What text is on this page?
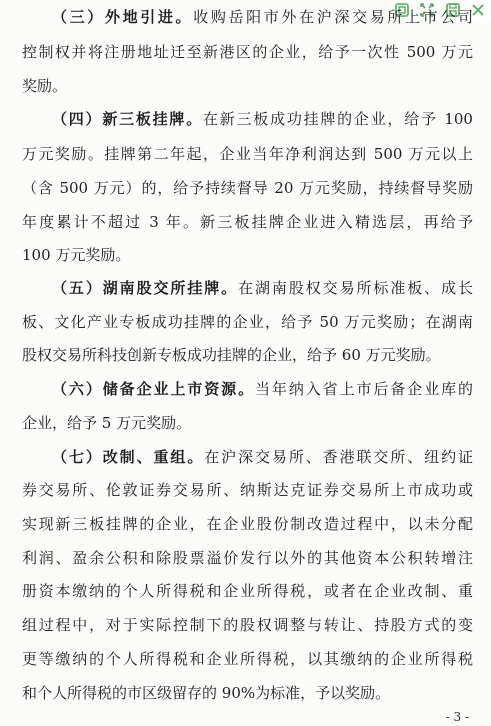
（三）外地引进。收购岳阳市外在沪深交易所上市公司
控制权并将注册地址迁至新港区的企业，给予一次性 500 万元
奖励。
（四）新三板挂牌。在新三板成功挂牌的企业，给予 100
万元奖励。挂牌第二年起，企业当年净利润达到 500 万元以上
（含 500 万元）的，给予持续督导 20 万元奖励，持续督导奖励
年度累计不超过 3 年。新三板挂牌企业进入精选层，再给予
100 万元奖励。
（五）湖南股交所挂牌。在湖南股权交易所标准板、成长
板、文化产业专板成功挂牌的企业，给予 50 万元奖励；在湖南
股权交易所科技创新专板成功挂牌的企业，给予 60 万元奖励。
（六）储备企业上市资源。当年纳入省上市后备企业库的
企业，给予 5 万元奖励。
（七）改制、重组。在沪深交易所、香港联交所、纽约证
券交易所、伦敦证券交易所、纳斯达克证券交易所上市成功或
实现新三板挂牌的企业，在企业股份制改造过程中，以未分配
利润、盈余公积和除股票溢价发行以外的其他资本公积转增注
册资本缴纳的个人所得税和企业所得税，或者在企业改制、重
组过程中，对于实际控制下的股权调整与转让、持股方式的变
更等缴纳的个人所得税和企业所得税，以其缴纳的企业所得税
和个人所得税的市区级留存的 90%为标准，予以奖励。
- 3 -
